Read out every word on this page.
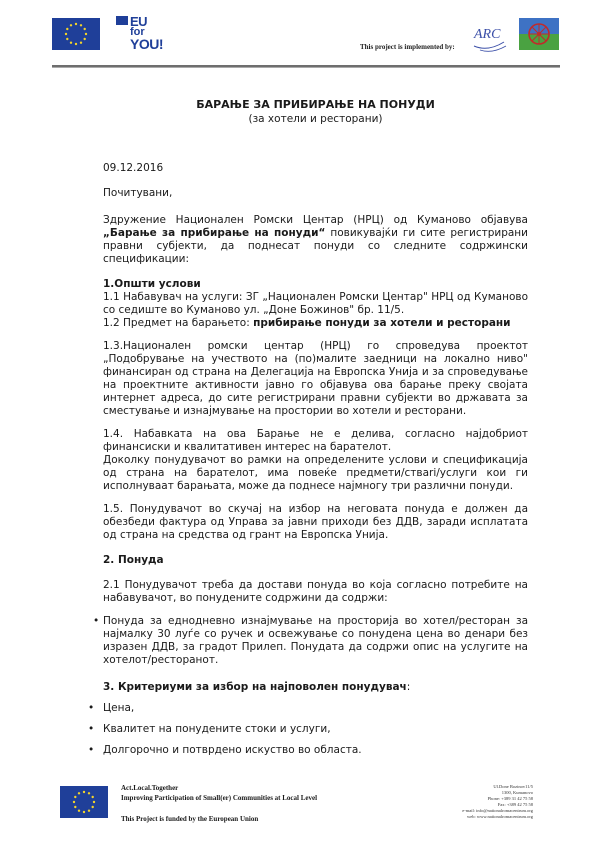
EU
for
YOU!	This project is implemented by:
ARC
БАРАЊЕ ЗА ПРИБИРАЊЕ НА ПОНУДИ
(за хотели и ресторани)
09.12.2016
Почитувани,

Здружение Национален Ромски Центар (НРЦ) од Куманово објавува „Барање за прибирање на понуди“ повикувајќи ги сите регистрирани правни субјекти, да поднесат понуди со следните содржински спецификации:

1.Општи услови

1.1 Набавувач на услуги: ЗГ „Национален Ромски Центар" НРЦ од Куманово со седиште во Куманово ул. „Доне Божинов" бр. 11/5.

1.2 Предмет на барањето: прибирање понуди за хотели и ресторани

1.3.Национален ромски центар (НРЦ) го спроведува проектот „Подобрување на учеството на (по)малите заедници на локално ниво" финансиран од страна на Делегација на Европска Унија и за спроведување на проектните активности јавно го објавува ова барање преку својата интернет адреса, до сите регистрирани правни субјекти во државата за сместување и изнајмување на простории во хотели и ресторани.

1.4. Набавката на ова Барање не е делива, согласно најдобриот финансиски и квалитативен интерес на барателот.

Доколку понудувачот во рамки на определените услови и спецификација од страна на барателот, има повеќе предмети/стваri/услуги кои ги исполнуваат барањата, може да поднесе најмногу три различни понуди.

1.5. Понудувачот во скучај на избор на неговата понуда е должен да обезбеди фактура од Управа за јавни приходи без ДДВ, заради исплатата од страна на средства од грант на Европска Унија.

2. Понуда

2.1 Понудувачот треба да достави понуда во која согласно потребите на набавувачот, во понудените содржини да содржи:

• Понуда за еднодневно изнајмување на просторија во хотел/ресторан за најмалку 30 луѓе со ручек и освежување со понудена цена во денари без изразен ДДВ, за градот Прилеп. Понудата да содржи опис на услугите на хотелот/ресторанот.

3. Критериуми за избор на најповолен понудувач:
• Цена,
• Квалитет на понудените стоки и услуги,
• Долгорочно и потврдено искуство во областа.
Act.Local.Together
Improving Participation of Small(er) Communities at Local Level
This Project is funded by the European Union
Ul.Done Bozinov11/5
1300, Kumanovo
Phone: +389 31 42 75 58
Fax: +389 42 75 58
e-mail: info@nationalromacentrum.org
web: www.nationalromacentrum.org
